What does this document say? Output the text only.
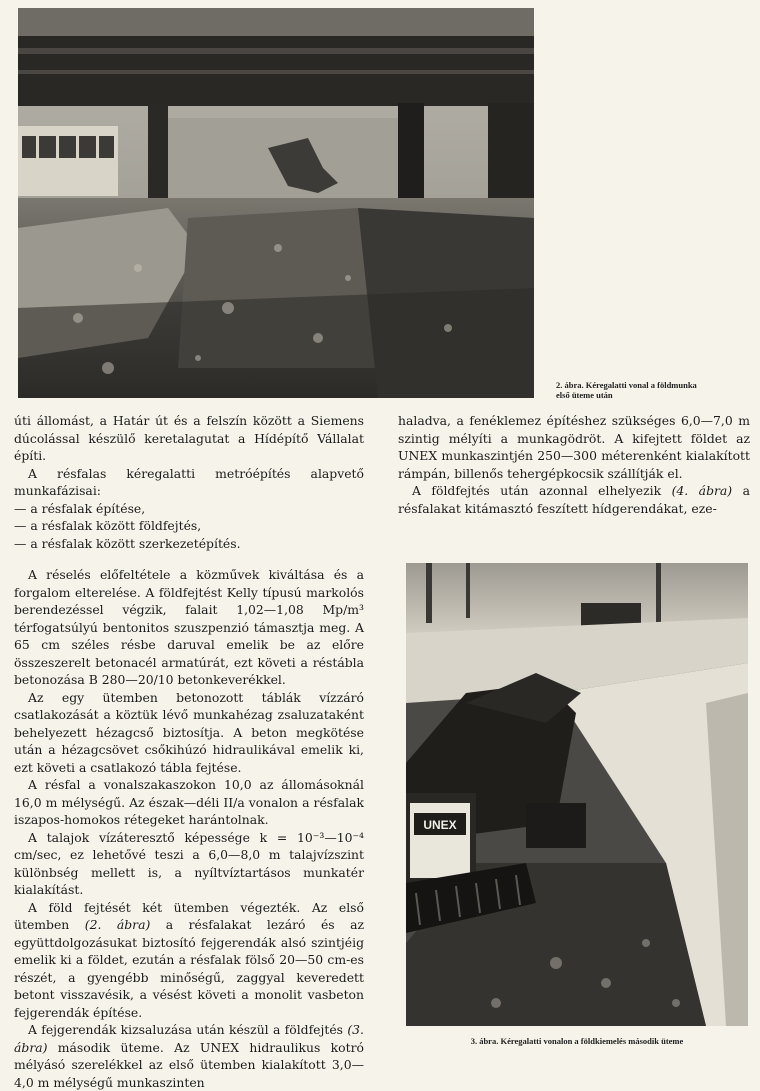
2. ábra. Kéregalatti vonal a földmunka
első üteme után
UNEX
3. ábra. Kéregalatti vonalon a földkiemelés második üteme

úti állomást, a Határ út és a felszín között a Siemens dúcolással készülő keretalagutat a Hídépítő Vállalat építi.

A résfalas kéregalatti metróépítés alapvető munkafázisai:

— a résfalak építése,
— a résfalak között földfejtés,
— a résfalak között szerkezetépítés.

A réselés előfeltétele a közművek kiváltása és a forgalom elterelése. A földfejtést Kelly típusú markolós berendezéssel végzik, falait 1,02—1,08 Mp/m³ térfogatsúlyú bentonitos szuszpenzió támasztja meg. A 65 cm széles résbe daruval emelik be az előre összeszerelt betonacél armatúrát, ezt követi a réstábla betonozása B 280—20/10 betonkeverékkel.

Az egy ütemben betonozott táblák vízzáró csatlakozását a köztük lévő munkahézag zsaluzataként behelyezett hézagcső biztosítja. A beton megkötése után a hézagcsövet csőkihúzó hidraulikával emelik ki, ezt követi a csatlakozó tábla fejtése.

A résfal a vonalszakaszokon 10,0 az állomásoknál 16,0 m mélységű. Az észak—déli II/a vonalon a résfalak iszapos-homokos rétegeket harántolnak.

A talajok vízáteresztő képessége k = 10⁻³—10⁻⁴ cm/sec, ez lehetővé teszi a 6,0—8,0 m talajvízszint különbség mellett is, a nyíltvíztartásos munkatér kialakítást.

A föld fejtését két ütemben végezték. Az első ütemben (2. ábra) a résfalakat lezáró és az együttdolgozásukat biztosító fejgerendák alsó szintjéig emelik ki a földet, ezután a résfalak fölső 20—50 cm-es részét, a gyengébb minőségű, zaggyal keveredett betont visszavésik, a vésést követi a monolit vasbeton fejgerendák építése.

A fejgerendák kizsaluzása után készül a földfejtés (3. ábra) második üteme. Az UNEX hidraulikus kotró mélyásó szerelékkel az első ütemben kialakított 3,0—4,0 m mélységű munkaszinten

haladva, a fenéklemez építéshez szükséges 6,0—7,0 m szintig mélyíti a munkagödröt. A kifejtett földet az UNEX munkaszintjén 250—300 méterenként kialakított rámpán, billenős tehergépkocsik szállítják el.

A földfejtés után azonnal elhelyezik (4. ábra) a résfalakat kitámasztó feszített hídgerendákat, eze-
